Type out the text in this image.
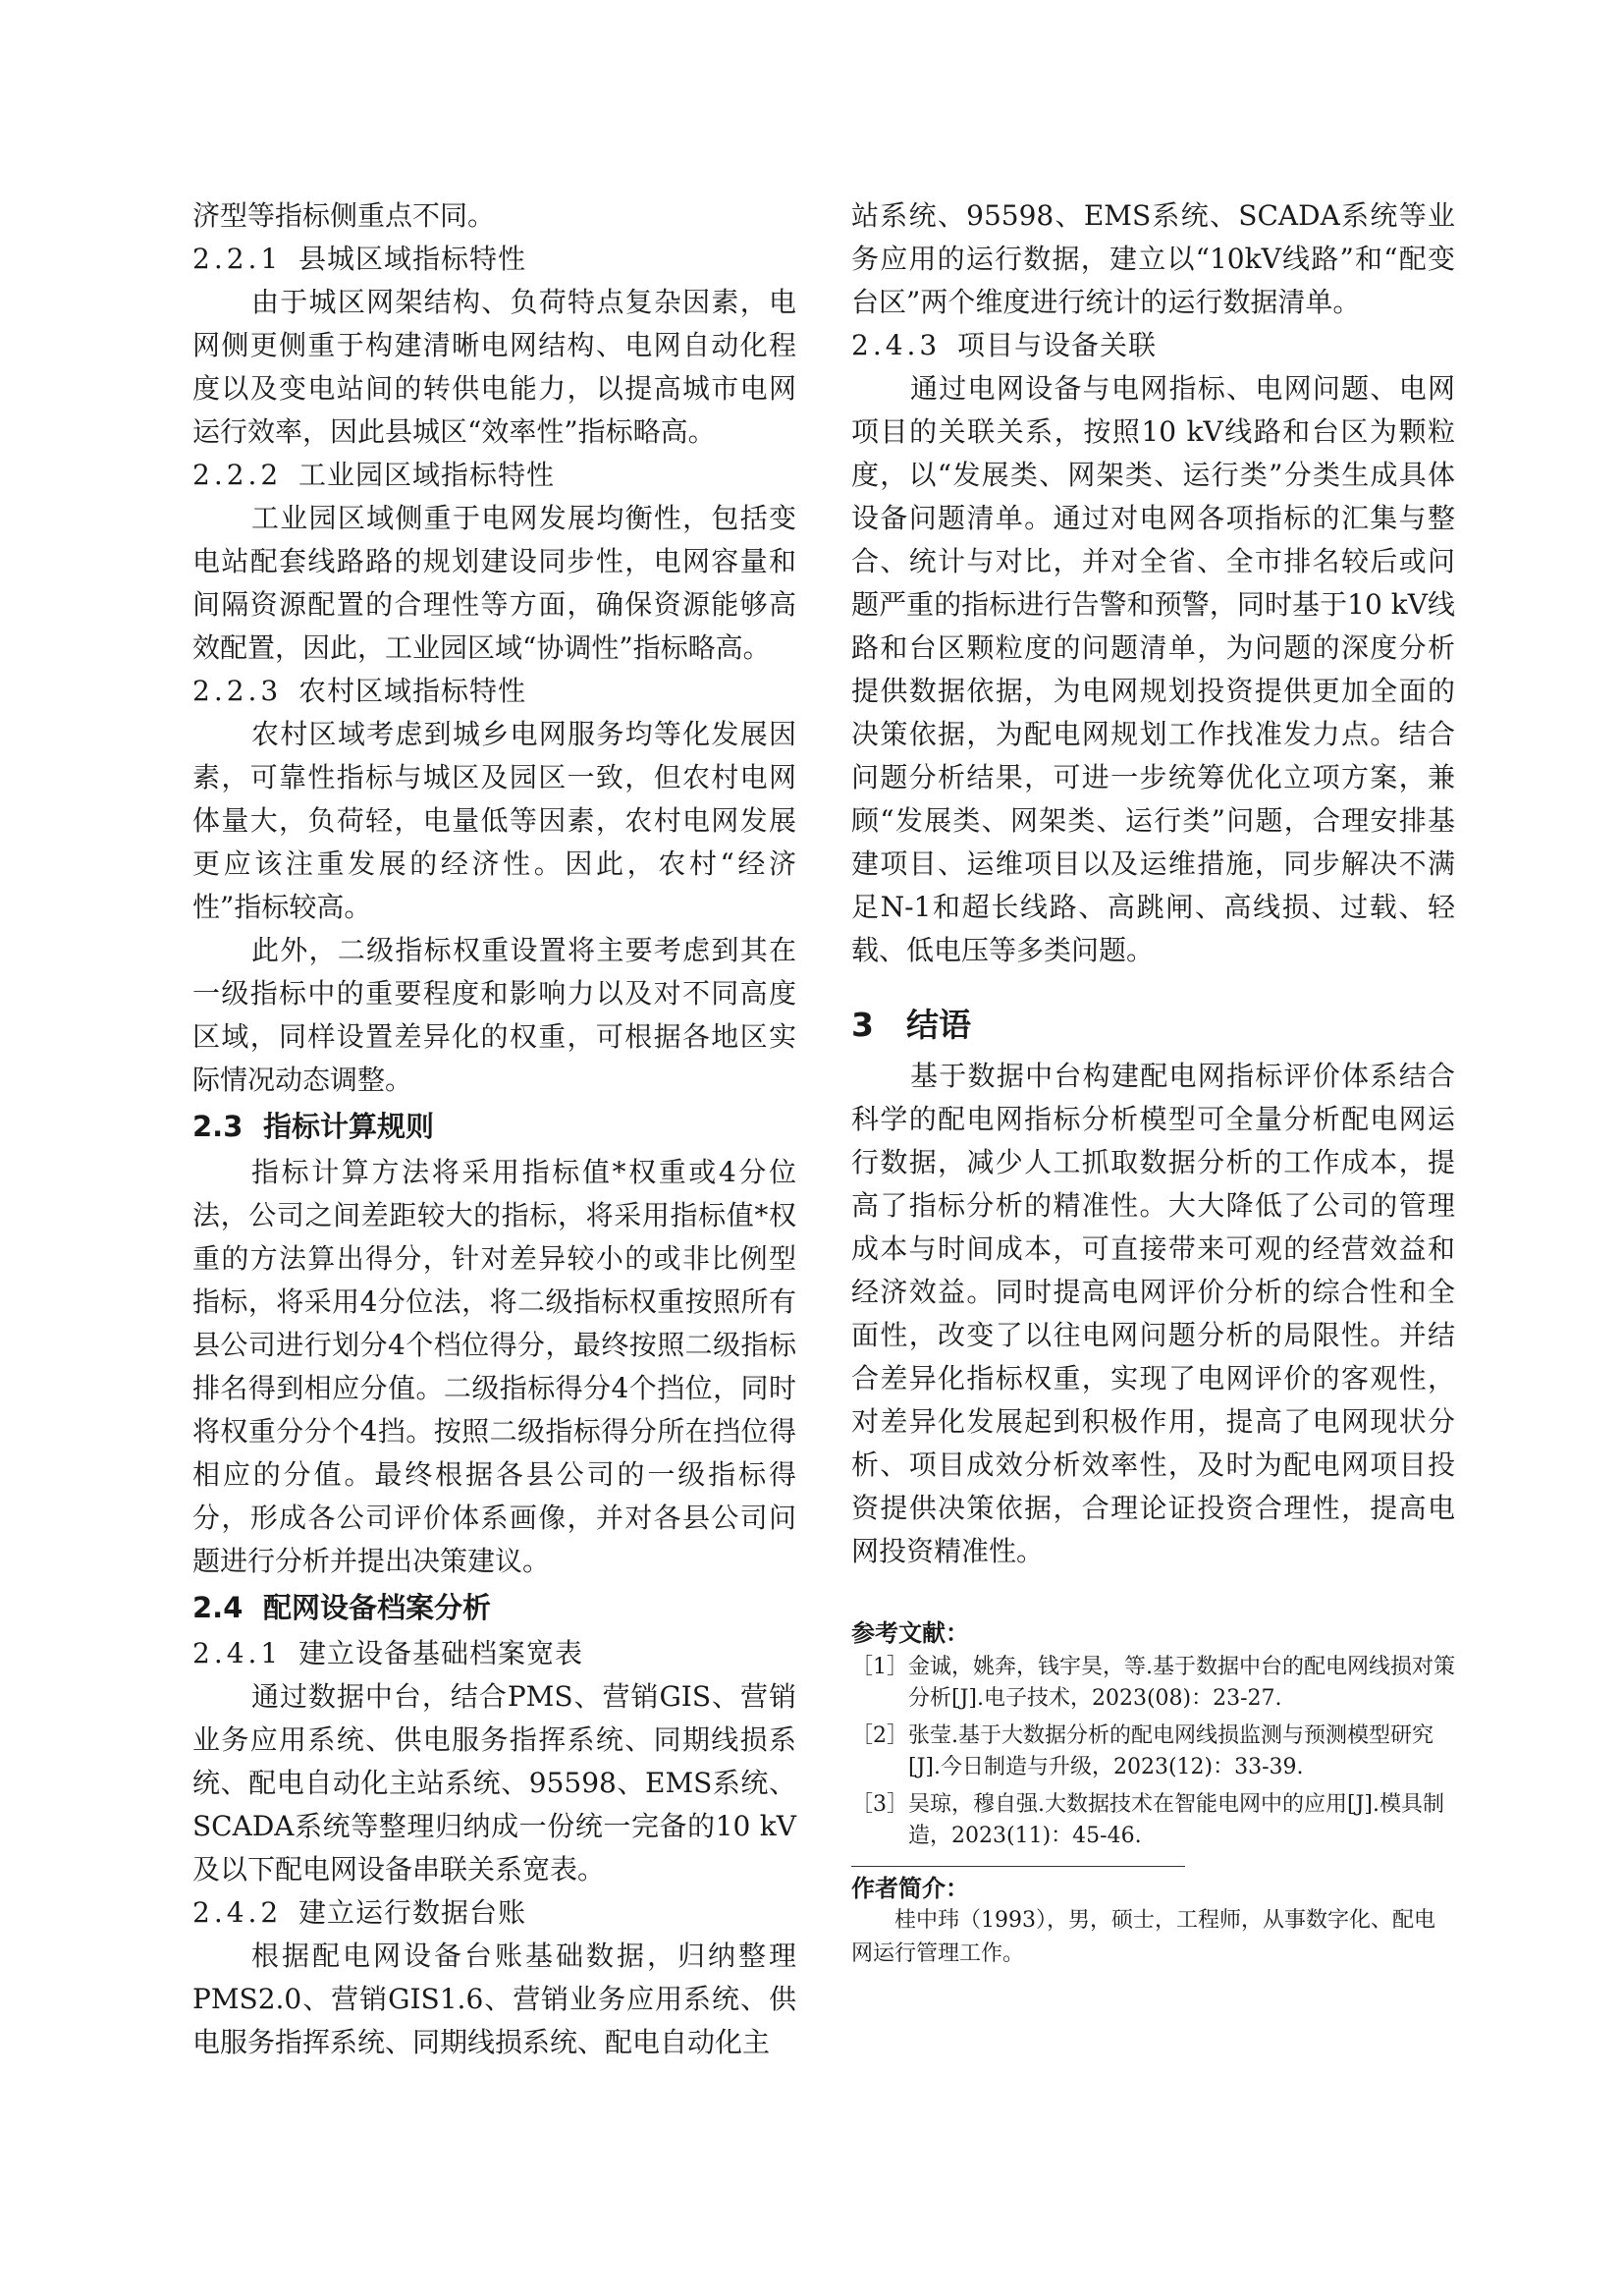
济型等指标侧重点不同。

2.2.1 县城区域指标特性

由于城区网架结构、负荷特点复杂因素，电网侧更侧重于构建清晰电网结构、电网自动化程度以及变电站间的转供电能力，以提高城市电网运行效率，因此县城区“效率性”指标略高。

2.2.2 工业园区域指标特性

工业园区域侧重于电网发展均衡性，包括变电站配套线路路的规划建设同步性，电网容量和间隔资源配置的合理性等方面，确保资源能够高效配置，因此，工业园区域“协调性”指标略高。

2.2.3 农村区域指标特性

农村区域考虑到城乡电网服务均等化发展因素，可靠性指标与城区及园区一致，但农村电网体量大，负荷轻，电量低等因素，农村电网发展更应该注重发展的经济性。因此，农村“经济性”指标较高。

此外，二级指标权重设置将主要考虑到其在一级指标中的重要程度和影响力以及对不同高度区域，同样设置差异化的权重，可根据各地区实际情况动态调整。

2.3 指标计算规则

指标计算方法将采用指标值*权重或4分位法，公司之间差距较大的指标，将采用指标值*权重的方法算出得分，针对差异较小的或非比例型指标，将采用4分位法，将二级指标权重按照所有县公司进行划分4个档位得分，最终按照二级指标排名得到相应分值。二级指标得分4个挡位，同时将权重分分个4挡。按照二级指标得分所在挡位得相应的分值。最终根据各县公司的一级指标得分，形成各公司评价体系画像，并对各县公司问题进行分析并提出决策建议。

2.4 配网设备档案分析
2.4.1 建立设备基础档案宽表

通过数据中台，结合PMS、营销GIS、营销业务应用系统、供电服务指挥系统、同期线损系统、配电自动化主站系统、95598、EMS系统、SCADA系统等整理归纳成一份统一完备的10 kV及以下配电网设备串联关系宽表。

2.4.2 建立运行数据台账

根据配电网设备台账基础数据，归纳整理PMS2.0、营销GIS1.6、营销业务应用系统、供电服务指挥系统、同期线损系统、配电自动化主

站系统、95598、EMS系统、SCADA系统等业务应用的运行数据，建立以“10kV线路”和“配变台区”两个维度进行统计的运行数据清单。

2.4.3 项目与设备关联

通过电网设备与电网指标、电网问题、电网项目的关联关系，按照10 kV线路和台区为颗粒度，以“发展类、网架类、运行类”分类生成具体设备问题清单。通过对电网各项指标的汇集与整合、统计与对比，并对全省、全市排名较后或问题严重的指标进行告警和预警，同时基于10 kV线路和台区颗粒度的问题清单，为问题的深度分析提供数据依据，为电网规划投资提供更加全面的决策依据，为配电网规划工作找准发力点。结合问题分析结果，可进一步统筹优化立项方案，兼顾“发展类、网架类、运行类”问题，合理安排基建项目、运维项目以及运维措施，同步解决不满足N-1和超长线路、高跳闸、高线损、过载、轻载、低电压等多类问题。

3 结语

基于数据中台构建配电网指标评价体系结合科学的配电网指标分析模型可全量分析配电网运行数据，减少人工抓取数据分析的工作成本，提高了指标分析的精准性。大大降低了公司的管理成本与时间成本，可直接带来可观的经营效益和经济效益。同时提高电网评价分析的综合性和全面性，改变了以往电网问题分析的局限性。并结合差异化指标权重，实现了电网评价的客观性，对差异化发展起到积极作用，提高了电网现状分析、项目成效分析效率性，及时为配电网项目投资提供决策依据，合理论证投资合理性，提高电网投资精准性。

参考文献：
［1］ 金诚，姚奔，钱宇昊，等.基于数据中台的配电网线损对策分析[J].电子技术，2023(08)：23-27.
［2］ 张莹.基于大数据分析的配电网线损监测与预测模型研究[J].今日制造与升级，2023(12)：33-39.
［3］ 吴琼，穆自强.大数据技术在智能电网中的应用[J].模具制造，2023(11)：45-46.
作者简介：

桂中玮（1993），男，硕士，工程师，从事数字化、配电网运行管理工作。
